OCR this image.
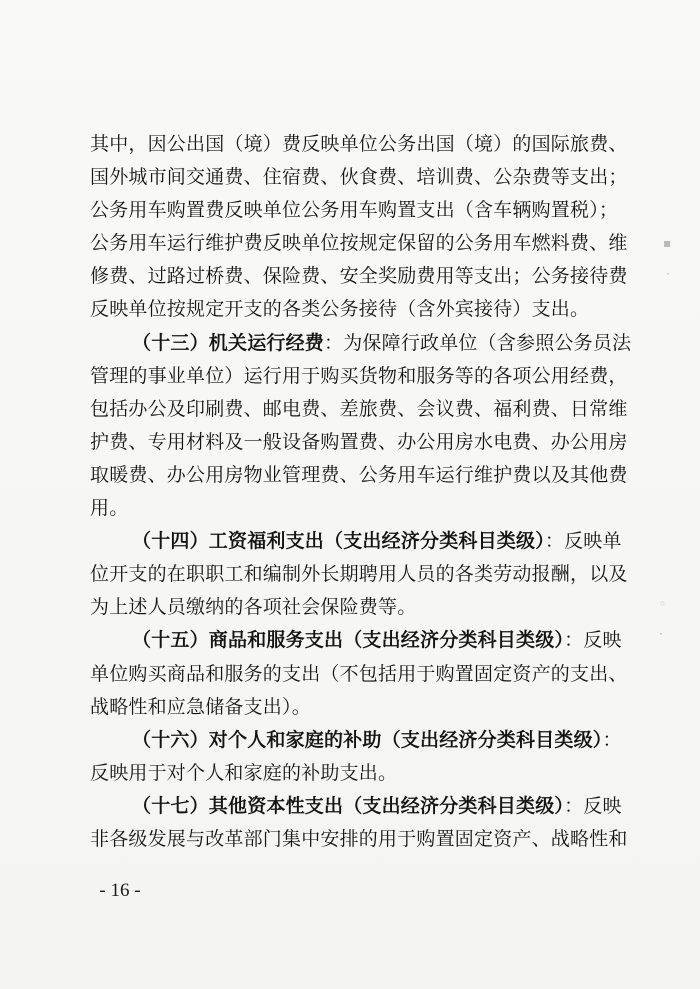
▪
·
◦
·

其中，因公出国（境）费反映单位公务出国（境）的国际旅费、
国外城市间交通费、住宿费、伙食费、培训费、公杂费等支出；
公务用车购置费反映单位公务用车购置支出（含车辆购置税）；
公务用车运行维护费反映单位按规定保留的公务用车燃料费、维
修费、过路过桥费、保险费、安全奖励费用等支出；公务接待费
反映单位按规定开支的各类公务接待（含外宾接待）支出。

（十三）机关运行经费：为保障行政单位（含参照公务员法
管理的事业单位）运行用于购买货物和服务等的各项公用经费，
包括办公及印刷费、邮电费、差旅费、会议费、福利费、日常维
护费、专用材料及一般设备购置费、办公用房水电费、办公用房
取暖费、办公用房物业管理费、公务用车运行维护费以及其他费
用。

（十四）工资福利支出（支出经济分类科目类级）：反映单
位开支的在职职工和编制外长期聘用人员的各类劳动报酬，以及
为上述人员缴纳的各项社会保险费等。

（十五）商品和服务支出（支出经济分类科目类级）：反映
单位购买商品和服务的支出（不包括用于购置固定资产的支出、
战略性和应急储备支出）。

（十六）对个人和家庭的补助（支出经济分类科目类级）：
反映用于对个人和家庭的补助支出。

（十七）其他资本性支出（支出经济分类科目类级）：反映
非各级发展与改革部门集中安排的用于购置固定资产、战略性和

- 16 -
